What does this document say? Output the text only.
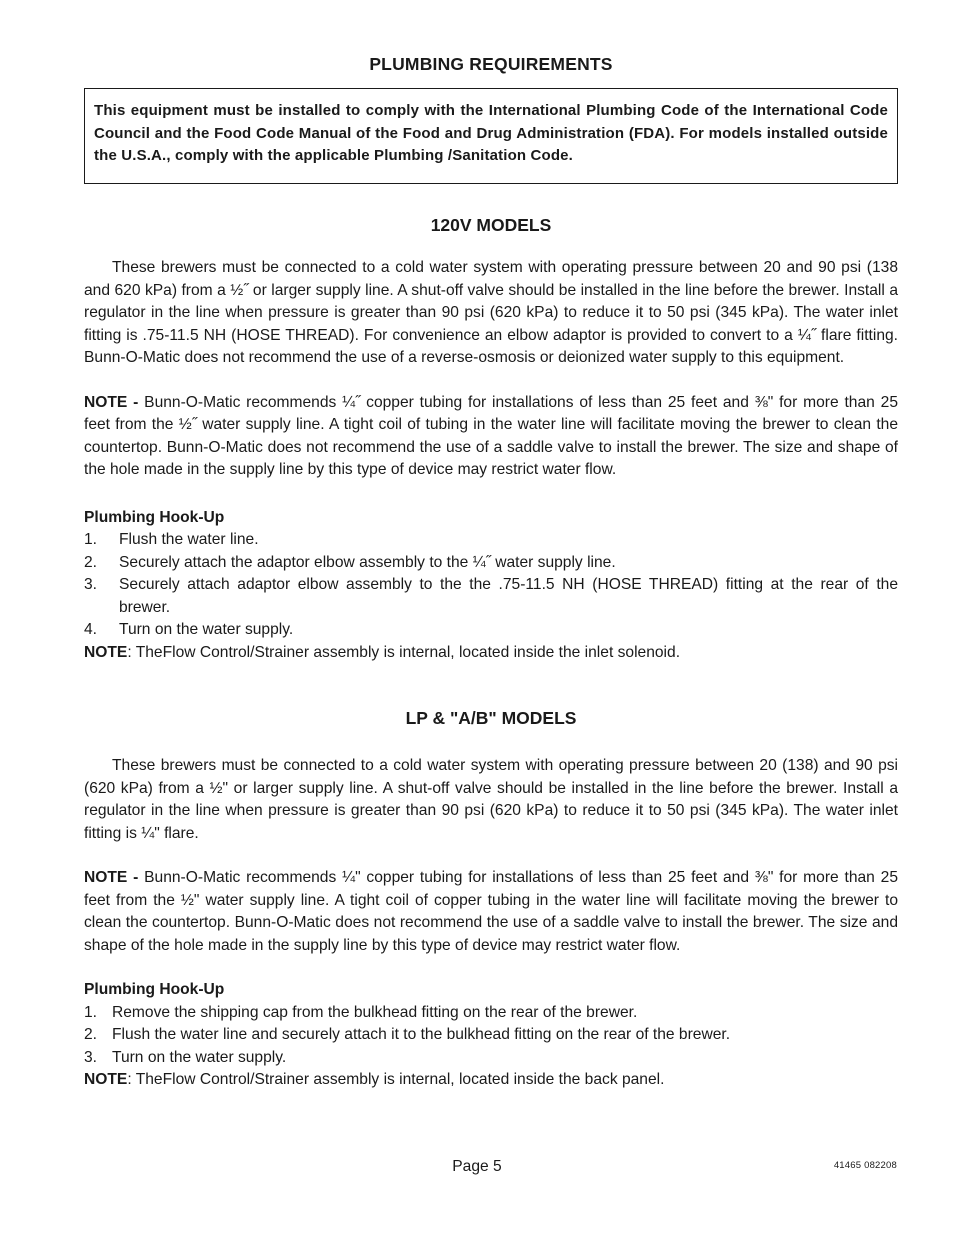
PLUMBING REQUIREMENTS
This equipment must be installed to comply with the International Plumbing Code of the International Code Council and the Food Code Manual of the Food and Drug Administration (FDA). For models installed outside the U.S.A., comply with the applicable Plumbing /Sanitation Code.
120V MODELS

These brewers must be connected to a cold water system with operating pressure between 20 and 90 psi (138 and 620 kPa) from a ½˝ or larger supply line. A shut-off valve should be installed in the line before the brewer. Install a regulator in the line when pressure is greater than 90 psi (620 kPa) to reduce it to 50 psi (345 kPa). The water inlet fitting is .75-11.5 NH (HOSE THREAD). For convenience an elbow adaptor is provided to convert to a ¼˝ flare fitting. Bunn-O-Matic does not recommend the use of a reverse-osmosis or deionized water supply to this equipment.

NOTE - Bunn-O-Matic recommends ¼˝ copper tubing for installations of less than 25 feet and ⅜" for more than 25 feet from the ½˝ water supply line. A tight coil of tubing in the water line will facilitate moving the brewer to clean the countertop. Bunn-O-Matic does not recommend the use of a saddle valve to install the brewer. The size and shape of the hole made in the supply line by this type of device may restrict water flow.

Plumbing Hook-Up

1. Flush the water line.
2. Securely attach the adaptor elbow assembly to the ¼˝ water supply line.
3. Securely attach adaptor elbow assembly to the the .75-11.5 NH (HOSE THREAD) fitting at the rear of the brewer.
4. Turn on the water supply.

NOTE: TheFlow Control/Strainer assembly is internal, located inside the inlet solenoid.

LP & "A/B" MODELS

These brewers must be connected to a cold water system with operating pressure between 20 (138) and 90 psi (620 kPa) from a ½" or larger supply line. A shut-off valve should be installed in the line before the brewer. Install a regulator in the line when pressure is greater than 90 psi (620 kPa) to reduce it to 50 psi (345 kPa). The water inlet fitting is ¼" flare.

NOTE - Bunn-O-Matic recommends ¼" copper tubing for installations of less than 25 feet and ⅜" for more than 25 feet from the ½" water supply line. A tight coil of copper tubing in the water line will facilitate moving the brewer to clean the countertop. Bunn-O-Matic does not recommend the use of a saddle valve to install the brewer. The size and shape of the hole made in the supply line by this type of device may restrict water flow.

Plumbing Hook-Up

1. Remove the shipping cap from the bulkhead fitting on the rear of the brewer.
2. Flush the water line and securely attach it to the bulkhead fitting on the rear of the brewer.
3. Turn on the water supply.

NOTE: TheFlow Control/Strainer assembly is internal, located inside the back panel.

Page 5	41465 082208
